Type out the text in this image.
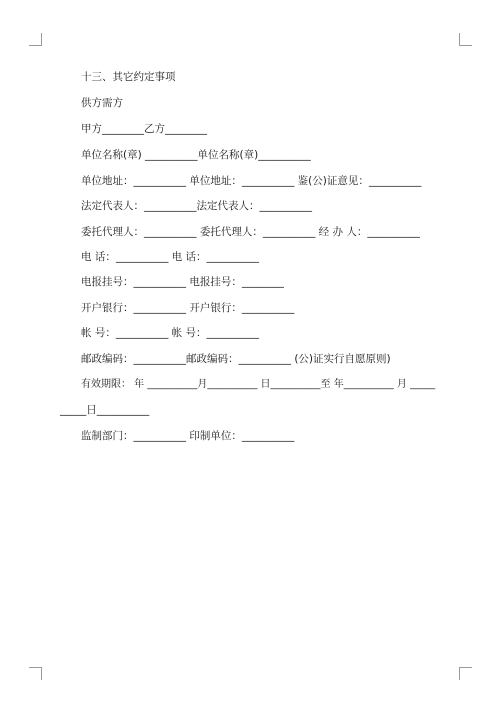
十三、其它约定事项
供方需方
甲方________乙方________
单位名称(章) __________单位名称(章)__________
单位地址：__________ 单位地址：__________ 鉴(公)证意见：__________
法定代表人：__________法定代表人：__________
委托代理人：__________ 委托代理人：__________ 经 办 人：__________
电 话：__________ 电 话：__________
电报挂号：__________ 电报挂号：________
开户银行：__________ 开户银行：__________
帐 号：__________ 帐 号：__________
邮政编码：__________邮政编码：__________ (公)证实行自愿原则)
有效期限： 年 __________月__________ 日__________至 年__________ 月 _____
_____日__________
监制部门：__________ 印制单位：__________
